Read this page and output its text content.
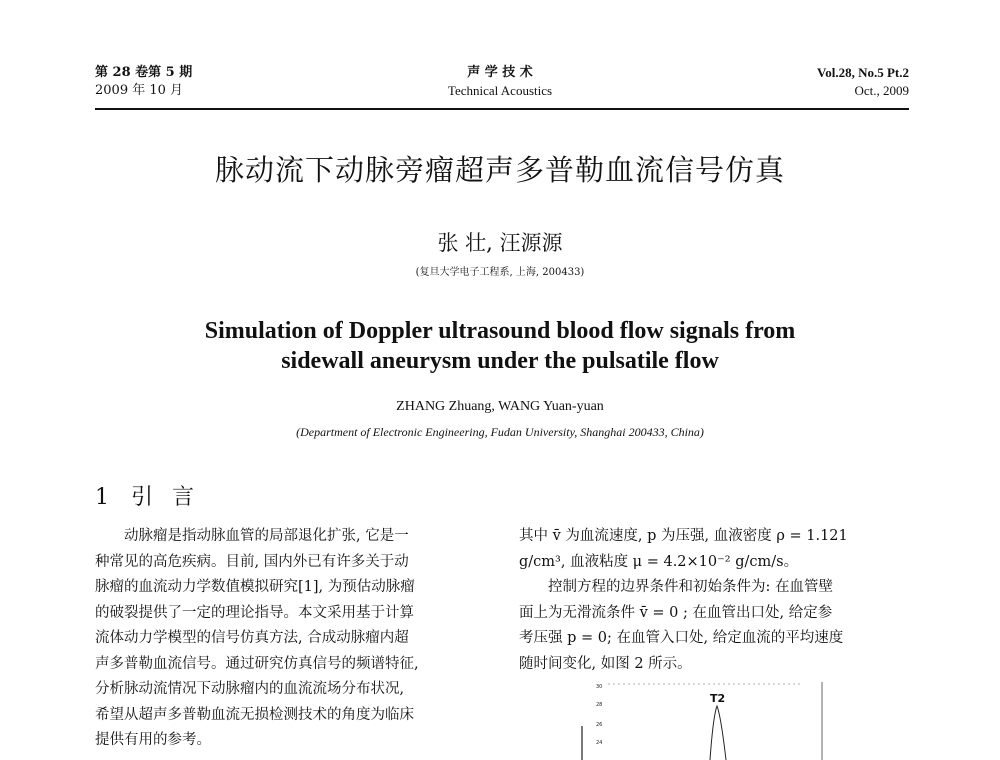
第 28 卷第 5 期
2009 年 10 月
声 学 技 术
Technical Acoustics
Vol.28, No.5 Pt.2
Oct., 2009
脉动流下动脉旁瘤超声多普勒血流信号仿真
张 壮, 汪源源
(复旦大学电子工程系, 上海, 200433)
Simulation of Doppler ultrasound blood flow signals from
sidewall aneurysm under the pulsatile flow
ZHANG Zhuang, WANG Yuan-yuan
(Department of Electronic Engineering, Fudan University, Shanghai 200433, China)
1 引 言
动脉瘤是指动脉血管的局部退化扩张, 它是一
种常见的高危疾病。目前, 国内外已有许多关于动
脉瘤的血流动力学数值模拟研究[1], 为预估动脉瘤
的破裂提供了一定的理论指导。本文采用基于计算
流体动力学模型的信号仿真方法, 合成动脉瘤内超
声多普勒血流信号。通过研究仿真信号的频谱特征,
分析脉动流情况下动脉瘤内的血流流场分布状况,
希望从超声多普勒血流无损检测技术的角度为临床
提供有用的参考。
其中 v̄ 为血流速度, p 为压强, 血液密度 ρ = 1.121
g/cm³, 血液粘度 μ = 4.2×10⁻² g/cm/s。
控制方程的边界条件和初始条件为: 在血管壁
面上为无滑流条件 v̄ = 0 ; 在血管出口处, 给定参
考压强 p = 0; 在血管入口处, 给定血流的平均速度
随时间变化, 如图 2 所示。
30
28
26
24
T2
